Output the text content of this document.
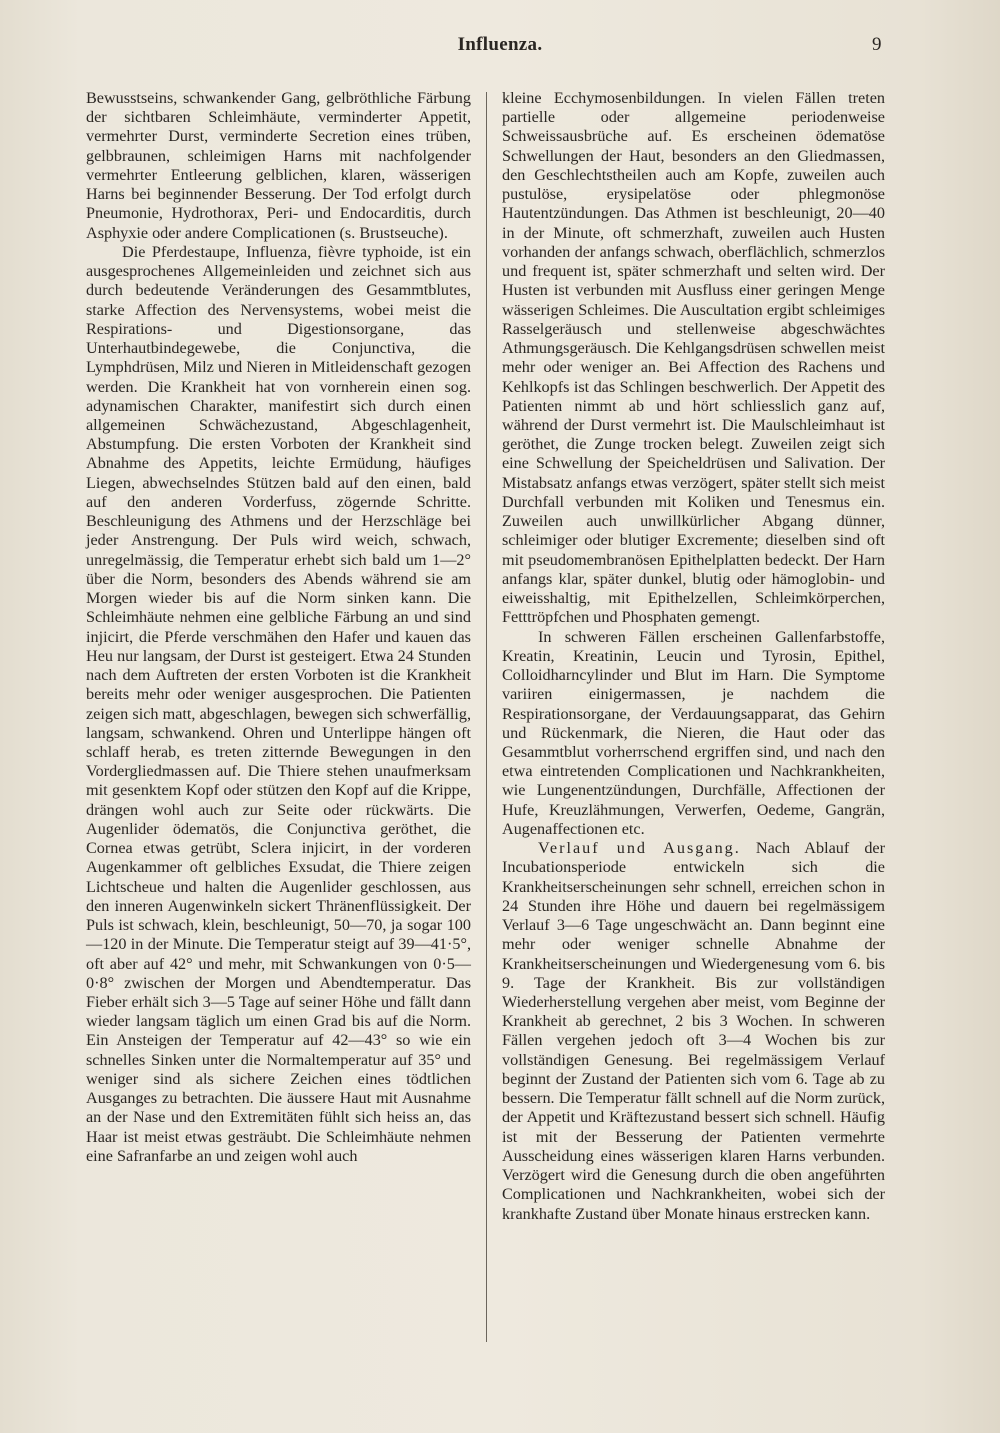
Influenza.	9

Bewusstseins, schwankender Gang, gelbröthliche Färbung der sichtbaren Schleimhäute, verminderter Appetit, vermehrter Durst, verminderte Secretion eines trüben, gelbbraunen, schleimigen Harns mit nachfolgender vermehrter Entleerung gelblichen, klaren, wässerigen Harns bei beginnender Besserung. Der Tod erfolgt durch Pneumonie, Hydrothorax, Peri- und Endocarditis, durch Asphyxie oder andere Complicationen (s. Brustseuche).

Die Pferdestaupe, Influenza, fièvre typhoide, ist ein ausgesprochenes Allgemeinleiden und zeichnet sich aus durch bedeutende Veränderungen des Gesammtblutes, starke Affection des Nervensystems, wobei meist die Respirations- und Digestionsorgane, das Unterhautbindegewebe, die Conjunctiva, die Lymphdrüsen, Milz und Nieren in Mitleidenschaft gezogen werden. Die Krankheit hat von vornherein einen sog. adynamischen Charakter, manifestirt sich durch einen allgemeinen Schwächezustand, Abgeschlagenheit, Abstumpfung. Die ersten Vorboten der Krankheit sind Abnahme des Appetits, leichte Ermüdung, häufiges Liegen, abwechselndes Stützen bald auf den einen, bald auf den anderen Vorderfuss, zögernde Schritte. Beschleunigung des Athmens und der Herzschläge bei jeder Anstrengung. Der Puls wird weich, schwach, unregelmässig, die Temperatur erhebt sich bald um 1—2° über die Norm, besonders des Abends während sie am Morgen wieder bis auf die Norm sinken kann. Die Schleimhäute nehmen eine gelbliche Färbung an und sind injicirt, die Pferde verschmähen den Hafer und kauen das Heu nur langsam, der Durst ist gesteigert. Etwa 24 Stunden nach dem Auftreten der ersten Vorboten ist die Krankheit bereits mehr oder weniger ausgesprochen. Die Patienten zeigen sich matt, abgeschlagen, bewegen sich schwerfällig, langsam, schwankend. Ohren und Unterlippe hängen oft schlaff herab, es treten zitternde Bewegungen in den Vordergliedmassen auf. Die Thiere stehen unaufmerksam mit gesenktem Kopf oder stützen den Kopf auf die Krippe, drängen wohl auch zur Seite oder rückwärts. Die Augenlider ödematös, die Conjunctiva geröthet, die Cornea etwas getrübt, Sclera injicirt, in der vorderen Augenkammer oft gelbliches Exsudat, die Thiere zeigen Lichtscheue und halten die Augenlider geschlossen, aus den inneren Augenwinkeln sickert Thränenflüssigkeit. Der Puls ist schwach, klein, beschleunigt, 50—70, ja sogar 100—120 in der Minute. Die Temperatur steigt auf 39—41·5°, oft aber auf 42° und mehr, mit Schwankungen von 0·5—0·8° zwischen der Morgen und Abendtemperatur. Das Fieber erhält sich 3—5 Tage auf seiner Höhe und fällt dann wieder langsam täglich um einen Grad bis auf die Norm. Ein Ansteigen der Temperatur auf 42—43° so wie ein schnelles Sinken unter die Normaltemperatur auf 35° und weniger sind als sichere Zeichen eines tödtlichen Ausganges zu betrachten. Die äussere Haut mit Ausnahme an der Nase und den Extremitäten fühlt sich heiss an, das Haar ist meist etwas gesträubt. Die Schleimhäute nehmen eine Safranfarbe an und zeigen wohl auch

kleine Ecchymosenbildungen. In vielen Fällen treten partielle oder allgemeine periodenweise Schweissausbrüche auf. Es erscheinen ödematöse Schwellungen der Haut, besonders an den Gliedmassen, den Geschlechtstheilen auch am Kopfe, zuweilen auch pustulöse, erysipelatöse oder phlegmonöse Hautentzündungen. Das Athmen ist beschleunigt, 20—40 in der Minute, oft schmerzhaft, zuweilen auch Husten vorhanden der anfangs schwach, oberflächlich, schmerzlos und frequent ist, später schmerzhaft und selten wird. Der Husten ist verbunden mit Ausfluss einer geringen Menge wässerigen Schleimes. Die Auscultation ergibt schleimiges Rasselgeräusch und stellenweise abgeschwächtes Athmungsgeräusch. Die Kehlgangsdrüsen schwellen meist mehr oder weniger an. Bei Affection des Rachens und Kehlkopfs ist das Schlingen beschwerlich. Der Appetit des Patienten nimmt ab und hört schliesslich ganz auf, während der Durst vermehrt ist. Die Maulschleimhaut ist geröthet, die Zunge trocken belegt. Zuweilen zeigt sich eine Schwellung der Speicheldrüsen und Salivation. Der Mistabsatz anfangs etwas verzögert, später stellt sich meist Durchfall verbunden mit Koliken und Tenesmus ein. Zuweilen auch unwillkürlicher Abgang dünner, schleimiger oder blutiger Excremente; dieselben sind oft mit pseudomembranösen Epithelplatten bedeckt. Der Harn anfangs klar, später dunkel, blutig oder hämoglobin- und eiweisshaltig, mit Epithelzellen, Schleimkörperchen, Fetttröpfchen und Phosphaten gemengt.

In schweren Fällen erscheinen Gallenfarbstoffe, Kreatin, Kreatinin, Leucin und Tyrosin, Epithel, Colloidharncylinder und Blut im Harn. Die Symptome variiren einigermassen, je nachdem die Respirationsorgane, der Verdauungsapparat, das Gehirn und Rückenmark, die Nieren, die Haut oder das Gesammtblut vorherrschend ergriffen sind, und nach den etwa eintretenden Complicationen und Nachkrankheiten, wie Lungenentzündungen, Durchfälle, Affectionen der Hufe, Kreuzlähmungen, Verwerfen, Oedeme, Gangrän, Augenaffectionen etc.

Verlauf und Ausgang. Nach Ablauf der Incubationsperiode entwickeln sich die Krankheitserscheinungen sehr schnell, erreichen schon in 24 Stunden ihre Höhe und dauern bei regelmässigem Verlauf 3—6 Tage ungeschwächt an. Dann beginnt eine mehr oder weniger schnelle Abnahme der Krankheitserscheinungen und Wiedergenesung vom 6. bis 9. Tage der Krankheit. Bis zur vollständigen Wiederherstellung vergehen aber meist, vom Beginne der Krankheit ab gerechnet, 2 bis 3 Wochen. In schweren Fällen vergehen jedoch oft 3—4 Wochen bis zur vollständigen Genesung. Bei regelmässigem Verlauf beginnt der Zustand der Patienten sich vom 6. Tage ab zu bessern. Die Temperatur fällt schnell auf die Norm zurück, der Appetit und Kräftezustand bessert sich schnell. Häufig ist mit der Besserung der Patienten vermehrte Ausscheidung eines wässerigen klaren Harns verbunden. Verzögert wird die Genesung durch die oben angeführten Complicationen und Nachkrankheiten, wobei sich der krankhafte Zustand über Monate hinaus erstrecken kann.
